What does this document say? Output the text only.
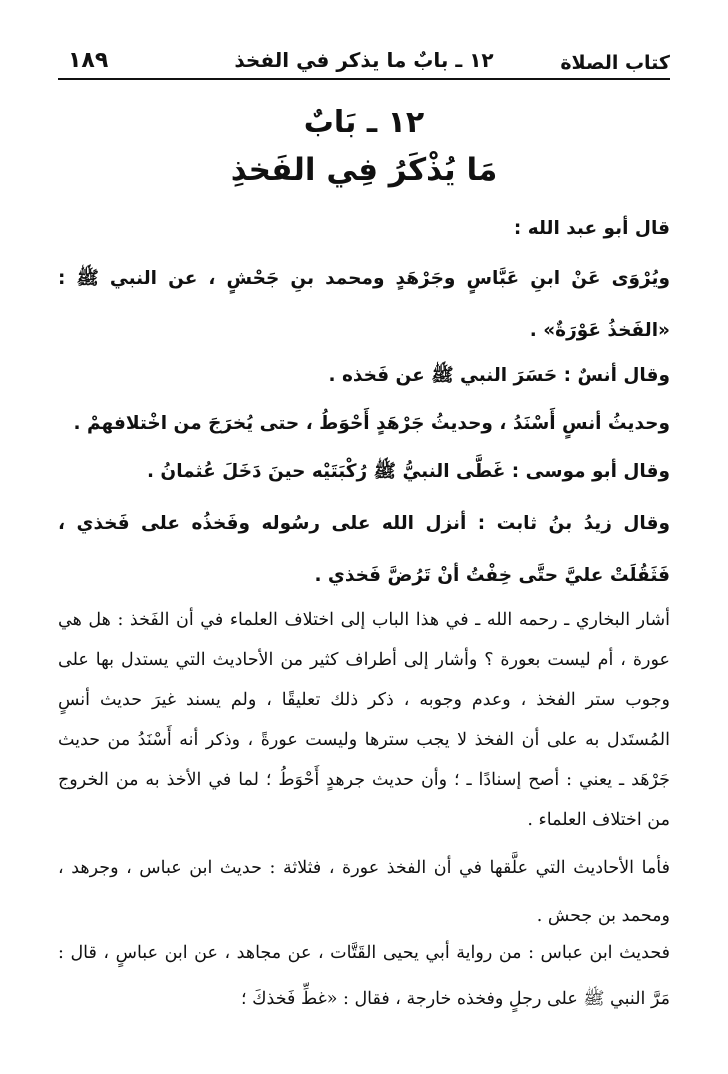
كتاب الصلاة
١٢ ـ بابٌ ما يذكر في الفخذ
١٨٩
١٢ ـ بَابٌ
مَا يُذْكَرُ فِي الفَخذِ

قال أبو عبد الله :

ويُرْوَى عَنْ ابنِ عَبَّاسٍ وجَرْهَدٍ ومحمد بنِ جَحْشٍ ، عن النبي ﷺ : «الفَخذُ عَوْرَةٌ» .

وقال أنسٌ : حَسَرَ النبي ﷺ عن فَخذه .

وحديثُ أنسٍ أَسْنَدُ ، وحديثُ جَرْهَدٍ أَحْوَطُ ، حتى يُخرَجَ من اخْتلافهمْ .

وقال أبو موسى : غَطَّى النبيُّ ﷺ رُكْبَتَيْه حينَ دَخَلَ عُثمانُ .

وقال زيدُ بنُ ثابت : أنزل الله على رسُوله وفَخذُه على فَخذي ، فَثَقُلَتْ عليَّ حتَّى خِفْتُ أنْ تَرُضَّ فَخذي .

أشار البخاري ـ رحمه الله ـ في هذا الباب إلى اختلاف العلماء في أن الفَخذ : هل هي عورة ، أم ليست بعورة ؟ وأشار إلى أطراف كثير من الأحاديث التي يستدل بها على وجوب ستر الفخذ ، وعدم وجوبه ، ذكر ذلك تعليقًا ، ولم يسند غيرَ حديث أنسٍ المُستَدل به على أن الفخذ لا يجب سترها وليست عورةً ، وذكر أنه أَسْنَدُ من حديث جَرْهَد ـ يعني : أصح إسنادًا ـ ؛ وأن حديث جرهدٍ أَحْوَطُ ؛ لما في الأخذ به من الخروج من اختلاف العلماء .

فأما الأحاديث التي علَّقها في أن الفخذ عورة ، فثلاثة : حديث ابن عباس ، وجرهد ، ومحمد بن جحش .

فحديث ابن عباس : من رواية أبي يحيى القَتَّات ، عن مجاهد ، عن ابن عباسٍ ، قال : مَرَّ النبي ﷺ على رجلٍ وفخذه خارجة ، فقال : «غطِّ فَخذكَ ؛
